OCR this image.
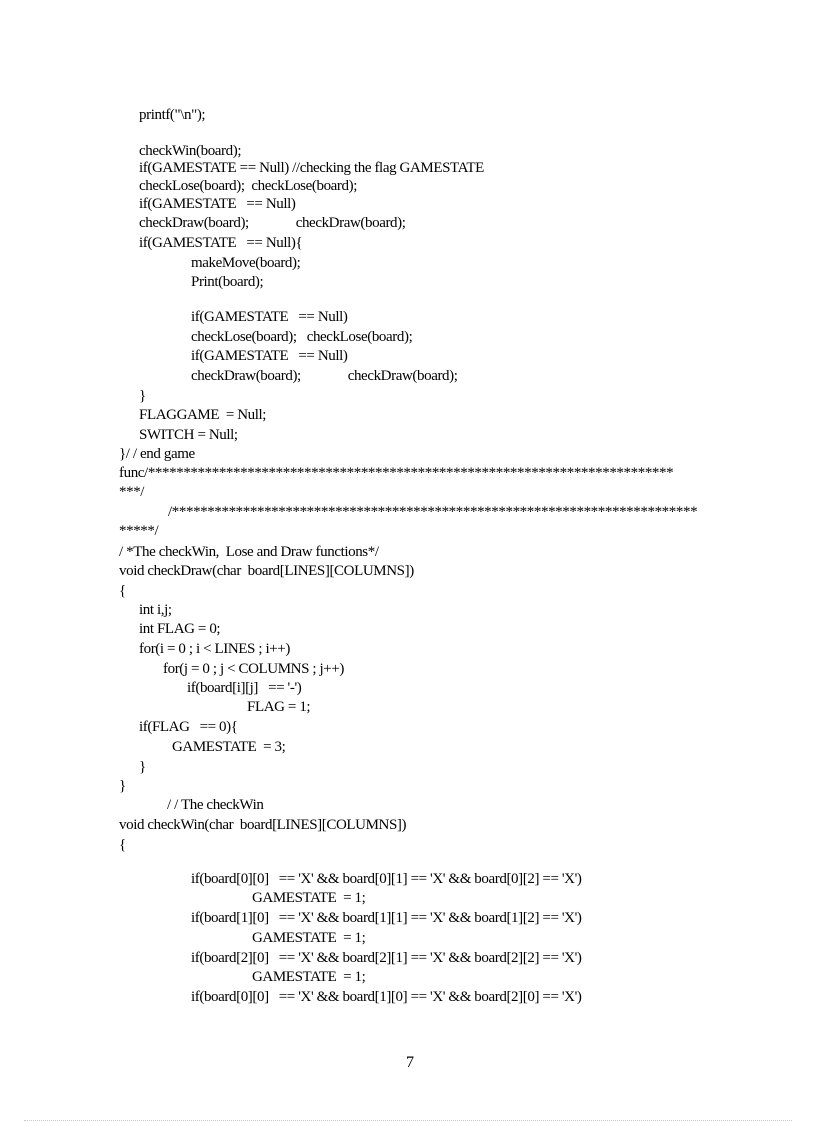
printf("\n");
checkWin(board);
if(GAMESTATE == Null) //checking the flag GAMESTATE
checkLose(board);  checkLose(board);
if(GAMESTATE   == Null)
checkDraw(board);              checkDraw(board);
if(GAMESTATE   == Null){
makeMove(board);
Print(board);
if(GAMESTATE   == Null)
checkLose(board);   checkLose(board);
if(GAMESTATE   == Null)
checkDraw(board);              checkDraw(board);
}
FLAGGAME  = Null;
SWITCH = Null;
}/ / end game
func/**************************************************************************
***/
/**************************************************************************
*****/
/ *The checkWin,  Lose and Draw functions*/
void checkDraw(char  board[LINES][COLUMNS])
{
int i,j;
int FLAG = 0;
for(i = 0 ; i < LINES ; i++)
for(j = 0 ; j < COLUMNS ; j++)
if(board[i][j]   == '-')
FLAG = 1;
if(FLAG   == 0){
GAMESTATE  = 3;
}
}
/ / The checkWin
void checkWin(char  board[LINES][COLUMNS])
{
if(board[0][0]   == 'X' && board[0][1] == 'X' && board[0][2] == 'X')
GAMESTATE  = 1;
if(board[1][0]   == 'X' && board[1][1] == 'X' && board[1][2] == 'X')
GAMESTATE  = 1;
if(board[2][0]   == 'X' && board[2][1] == 'X' && board[2][2] == 'X')
GAMESTATE  = 1;
if(board[0][0]   == 'X' && board[1][0] == 'X' && board[2][0] == 'X')
7
